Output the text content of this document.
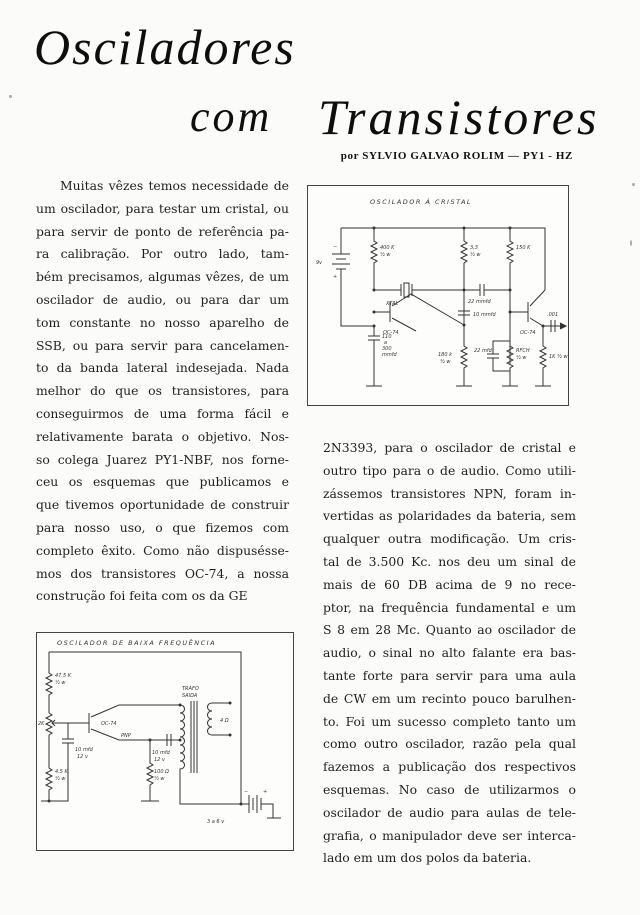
Osciladores
com Transistores
por SYLVIO GALVAO ROLIM — PY1 - HZ
Muitas vêzes temos necessidade de
um oscilador, para testar um cristal, ou
para servir de ponto de referência pa-
ra calibração. Por outro lado, tam-
bém precisamos, algumas vêzes, de um
oscilador de audio, ou para dar um
tom constante no nosso aparelho de
SSB, ou para servir para cancelamen-
to da banda lateral indesejada. Nada
melhor do que os transistores, para
conseguirmos de uma forma fácil e
relativamente barata o objetivo. Nos-
so colega Juarez PY1-NBF, nos forne-
ceu os esquemas que publicamos e
que tivemos oportunidade de construir
para nosso uso, o que fizemos com
completo êxito. Como não dispusésse-
mos dos transistores OC-74, a nossa
construção foi feita com os da GE
2N3393, para o oscilador de cristal e
outro tipo para o de audio. Como utili-
zássemos transistores NPN, foram in-
vertidas as polaridades da bateria, sem
qualquer outra modificação. Um cris-
tal de 3.500 Kc. nos deu um sinal de
mais de 60 DB acima de 9 no rece-
ptor, na frequência fundamental e um
S 8 em 28 Mc. Quanto ao oscilador de
audio, o sinal no alto falante era bas-
tante forte para servir para uma aula
de CW em um recinto pouco barulhen-
to. Foi um sucesso completo tanto um
como outro oscilador, razão pela qual
fazemos a publicação dos respectivos
esquemas. No caso de utilizarmos o
oscilador de audio para aulas de tele-
grafia, o manipulador deve ser interca-
lado em um dos polos da bateria.
OSCILADOR À CRISTAL
9v
−
+
400 K
½ w
3,3
½ w
150 K
XTAL	22 mmfd
10 mmfd
OC-74	OC-74
110
a
300
mmfd	180 k
½ w
22 mfd	RFCH
½ w
.001
1K ½ w
OSCILADOR DE BAIXA FREQUÊNCIA
47.5 K
½ w
2K
4.5 K
½ w
10 mfd
12 v
OC-74
PNP
10 mfd
12 v
100 Ω
½ w
TRAFO
SAIDA
4 Ω
3 a 6 v
−	+
